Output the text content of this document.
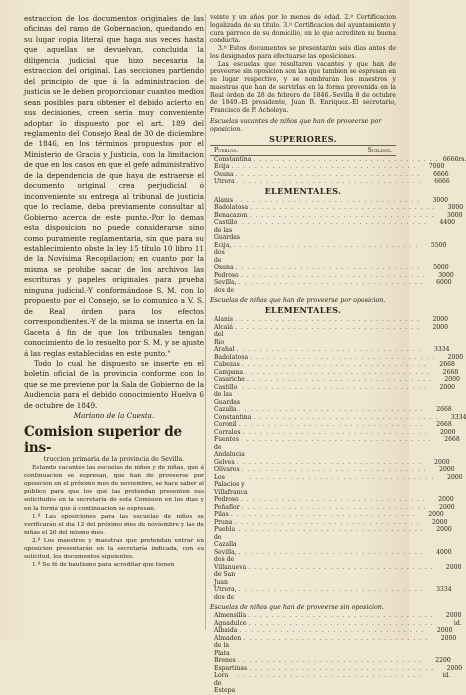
estraccion de los documentos originales de las oficinas del ramo de Gobernacion, quedando en su lugar copia literal que haga sus veces hasta que aquellas se devuelvan, concluida la diligencia judicial que hizo necesaria la estraccion del original. Las secciones partiendo del principio de que á la administracion de justicia se le deben proporcionar cuantos medios sean posibles para obtener el debido acierto en sus decisiones, creen seria muy conveniente adoptar lo dispuesto por el art. 189 del reglamento del Consejo Real de 30 de diciembre de 1846, en los términos propuestos por el Ministerio de Gracia y Justicia, con la limitacion de que en los casos en que el gefe administrativo de la dependencia de que haya de estraerse el documento original crea perjudicial ó inconveniente su entrega al tribunal de justicia que lo reclame, deba previamente consultar al Gobierno acerca de este punto.-Por lo demas esta disposicion no puede considerarse sino como puramente reglamentaria, sin que para su establecimiento obste la ley 15 título 10 libro 11 de la Novísima Recopilacion; en cuanto por la misma se prohibe sacar de los archivos las escrituras y papeles originales para prueba ninguna judicial.-Y conformándose S. M. con lo propuesto por el Consejo, se lo comunico a V. S. de Real órden para los efectos correspondientes.-Y de la misma se inserta en la Gaceta á fin de que los tribunales tengan conocimiento de lo resuelto por S. M. y se ajuste á las reglas establecidas en este punto."

Todo lo cual he dispuesto se inserte en el boletín oficial de la provincia conforme con lo que se me previene por la Sala de Gobierno de la Audiencia para el debido conocimiento Huelva 6 de octubre de 1849.

Mariano de la Cuesta.

Comision superior de ins-

truccion primaria de la provincia de Sevilla.

Estando vacantes las escuelas de niños y de niñas, que á continuacion se espresan, que han de proveerse por oposicion en el próximo mes de noviembre, se hace saber al público para que los que las pretendan presenten sus solicitudes en la secretaria de esta Comision en los dias y en la forma que á continuacion se espresan.

1.º Las oposiciones para las escuelas de niños se verificarán el dia 12 del próximo mes de noviembre y las de niñas el 26 del mismo mes.

2.º Los maestros y maestras que pretendan entrar en oposicion presentarán en la secretaría indicada, con su solicitud, los documentos siguientes.

1.º Su fé de bautismo para acreditar que tienen

veinte y un años por lo menos de edad. 2.º Certificacion legalizada de su título. 3.º Certificacion del ayuntamiento y cura párroco de su domicilio, en lo que acrediten su buena conducta.

3.º Estos documentos se presentarán seis dias antes de los designados para efectuarse las oposiciones.

Las escuelas que resultaren vacantes y que han de proveerse sin oposicion son las que tambien se espresan en su lugar respectivo, y se nombrarán los maestros y maestras que han de servirlas en la forma prevenida en la Real órden de 28 de febrero de 1846.-Sevilla 8 de octubre de 1849.-El presidente, Juan B. Enriquez.-El secretario, Francisco de P. Acholeya.

Escuelas vacantes de niños que han de proveerse por oposicion.

SUPERIORES.
Pueblos.	Sueldos.
Constantina . . . . . . . . . . . . . . . . . . . . . . . . . . . . . . . . 6666rs.
Ecija . . . . . . . . . . . . . . . . . . . . . . . . . . . . . . . .	7000
Osuna . . . . . . . . . . . . . . . . . . . . . . . . . . . . . . . .	6666
Utrera . . . . . . . . . . . . . . . . . . . . . . . . . . . . . . . .	6666
ELEMENTALES.
Alanis . . . . . . . . . . . . . . . . . . . . . . . . . . . . . . . .	3000
Badolatosa . . . . . . . . . . . . . . . . . . . . . . . . . . . . . . . .	3000
Benacazon . . . . . . . . . . . . . . . . . . . . . . . . . . . . . . . .	3000
Castillo de las Guardas
. . . . . . . . . . . . . . . . . . . . . . . . . . . . . . . .	4400
Ecija, dos de
. . . . . . . . . . . . . . . . . . . . . . . . . . . . . . . .	5500
Osuna . . . . . . . . . . . . . . . . . . . . . . . . . . . . . . . .	5000
Pedroso . . . . . . . . . . . . . . . . . . . . . . . . . . . . . . . .	3000
Sevilla, dos de
. . . . . . . . . . . . . . . . . . . . . . . . . . . . . . . .	6000

Escuelas de niñas que han de proveerse por oposicion.

ELEMENTALES.
Alanis . . . . . . . . . . . . . . . . . . . . . . . . . . . . . . . .	2000
Alcalá del Rio
. . . . . . . . . . . . . . . . . . . . . . . . . . . . . . . .	2000
Arahal . . . . . . . . . . . . . . . . . . . . . . . . . . . . . . . .	3334
Badolatosa . . . . . . . . . . . . . . . . . . . . . . . . . . . . . . . .	2000
Cabezas . . . . . . . . . . . . . . . . . . . . . . . . . . . . . . . .	2668
Campana . . . . . . . . . . . . . . . . . . . . . . . . . . . . . . . .	2668
Casariche . . . . . . . . . . . . . . . . . . . . . . . . . . . . . . . .	2000
Castillo de las Guardas
. . . . . . . . . . . . . . . . . . . . . . . . . . . . . . . .	2000
Cazalla . . . . . . . . . . . . . . . . . . . . . . . . . . . . . . . .	2668
Constantina . . . . . . . . . . . . . . . . . . . . . . . . . . . . . . . .	3334
Coronil . . . . . . . . . . . . . . . . . . . . . . . . . . . . . . . .	2668
Corrales . . . . . . . . . . . . . . . . . . . . . . . . . . . . . . . .	2000
Fuentes de Andalucia
. . . . . . . . . . . . . . . . . . . . . . . . . . . . . . . .	2668
Gelves . . . . . . . . . . . . . . . . . . . . . . . . . . . . . . . .	2000
Olivares . . . . . . . . . . . . . . . . . . . . . . . . . . . . . . . .	2000
Los Palacios y Villafranca
. . . . . . . . . . . . . . . . . . . . . . . . . . . . . . . .	2000
Pedroso . . . . . . . . . . . . . . . . . . . . . . . . . . . . . . . .	2000
Peñaflor . . . . . . . . . . . . . . . . . . . . . . . . . . . . . . . .	2000
Pilas . . . . . . . . . . . . . . . . . . . . . . . . . . . . . . . .	2000
Pruna . . . . . . . . . . . . . . . . . . . . . . . . . . . . . . . .	2000
Puebla de Cazalla
. . . . . . . . . . . . . . . . . . . . . . . . . . . . . . . .	2000
Sevilla, dos de
. . . . . . . . . . . . . . . . . . . . . . . . . . . . . . . .	4000
Villanueva de San Juan
. . . . . . . . . . . . . . . . . . . . . . . . . . . . . . . .	2000
Utrera, dos de
. . . . . . . . . . . . . . . . . . . . . . . . . . . . . . . .	3334

Escuelas de niños que han de proveerse sin oposicion.

Almensilla . . . . . . . . . . . . . . . . . . . . . . . . . . . . . . . .	2000
Aguadulce . . . . . . . . . . . . . . . . . . . . . . . . . . . . . . . .	id.
Albaida . . . . . . . . . . . . . . . . . . . . . . . . . . . . . . . .	2000
Almaden de la Plata
. . . . . . . . . . . . . . . . . . . . . . . . . . . . . . . .	2000
Brenes . . . . . . . . . . . . . . . . . . . . . . . . . . . . . . . .	2200
Espartinas . . . . . . . . . . . . . . . . . . . . . . . . . . . . . . . .	2000
Lora de Estepa
. . . . . . . . . . . . . . . . . . . . . . . . . . . . . . . .	id.
